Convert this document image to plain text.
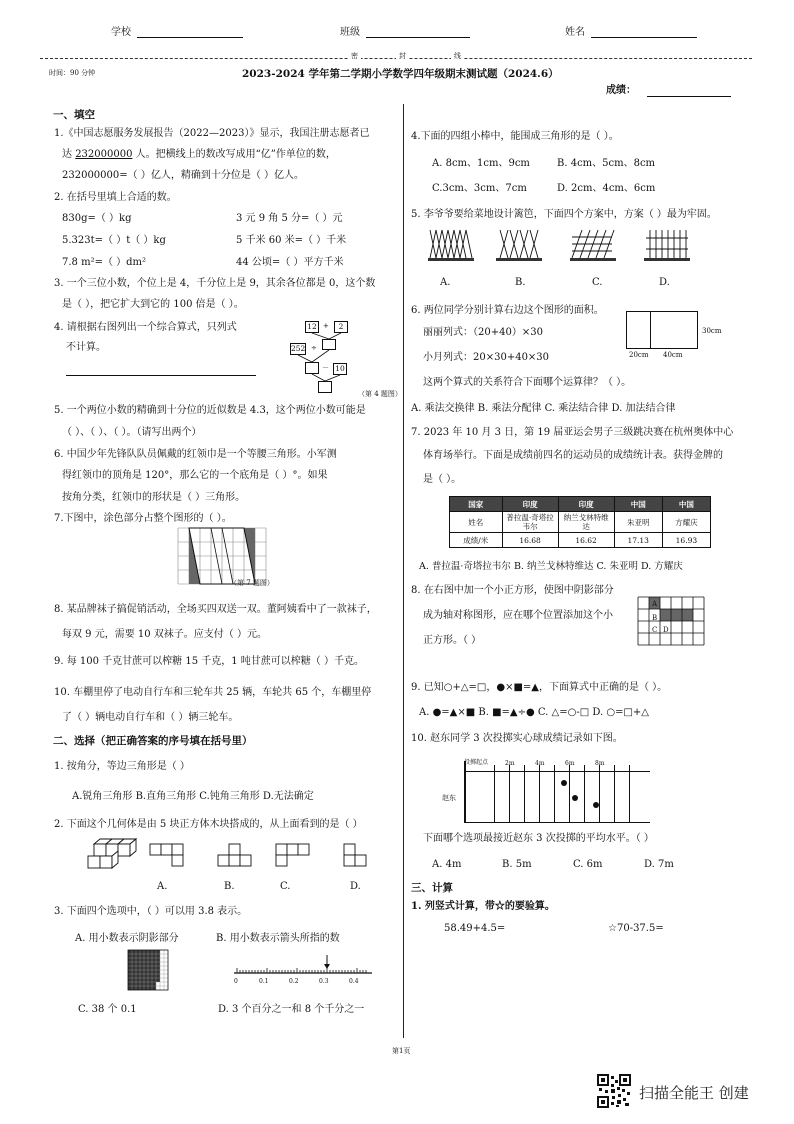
学校	班级	姓名
密	封	线
时间：90 分钟	2023-2024 学年第二学期小学数学四年级期末测试题（2024.6）
成绩：
一、填空
1.《中国志愿服务发展报告（2022—2023）》显示，我国注册志愿者已
达 232000000 人。把横线上的数改写成用“亿”作单位的数，
232000000=（ ）亿人，精确到十分位是（ ）亿人。
2. 在括号里填上合适的数。
830g=（ ）kg	3 元 9 角 5 分=（ ）元
5.323t=（ ）t（ ）kg	5 千米 60 米=（ ）千米
7.8 m²=（ ）dm²	44 公顷=（ ）平方千米
3. 一个三位小数，个位上是 4，千分位上是 9，其余各位都是 0，这个数
是（ ），把它扩大到它的 100 倍是（ ）。
4. 请根据右图列出一个综合算式，只列式
不计算。
12 +	2
252 ÷
－ 10
（第 4 题图）
5. 一个两位小数的精确到十分位的近似数是 4.3，这个两位小数可能是
（ ）、（ ）、（ ）。（请写出两个）
6. 中国少年先锋队队员佩戴的红领巾是一个等腰三角形。小军测
得红领巾的顶角是 120°，那么它的一个底角是（ ）°。如果
按角分类，红领巾的形状是（ ）三角形。
7.下图中，涂色部分占整个图形的（ ）。
（第 7 题图）
8. 某品牌袜子搞促销活动，全场买四双送一双。董阿姨看中了一款袜子，
每双 9 元，需要 10 双袜子。应支付（ ）元。
9. 每 100 千克甘蔗可以榨糖 15 千克，1 吨甘蔗可以榨糖（ ）千克。
10. 车棚里停了电动自行车和三轮车共 25 辆，车轮共 65 个，车棚里停
了（ ）辆电动自行车和（ ）辆三轮车。
二、选择（把正确答案的序号填在括号里）
1. 按角分，等边三角形是（ ）
A.锐角三角形 B.直角三角形 C.钝角三角形 D.无法确定
2. 下面这个几何体是由 5 块正方体木块搭成的，从上面看到的是（ ）
A.	B.	C.	D.
3. 下面四个选项中，（ ）可以用 3.8 表示。
A. 用小数表示阴影部分	B. 用小数表示箭头所指的数
0	0.1	0.2	0.3	0.4
C. 38 个 0.1	D. 3 个百分之一和 8 个千分之一
4.下面的四组小棒中，能围成三角形的是（ ）。
A. 8cm、1cm、9cm	B. 4cm、5cm、8cm
C.3cm、3cm、7cm	D. 2cm、4cm、6cm
5. 李爷爷要给菜地设计篱笆，下面四个方案中，方案（ ）最为牢固。
A.	B.	C.	D.
6. 两位同学分别计算右边这个图形的面积。
丽丽列式：（20+40）×30
小月列式：20×30+40×30
30cm
20cm 40cm
这两个算式的关系符合下面哪个运算律？（ ）。
A. 乘法交换律 B. 乘法分配律 C. 乘法结合律 D. 加法结合律
7. 2023 年 10 月 3 日，第 19 届亚运会男子三级跳决赛在杭州奥体中心
体育场举行。下面是成绩前四名的运动员的成绩统计表。获得金牌的
是（ ）。
国家	印度	印度	中国	中国
姓名	普拉温·奇塔拉韦尔	纳兰戈林特维达	朱亚明	方耀庆
成绩/米	16.68	16.62	17.13	16.93
A. 普拉温·奇塔拉韦尔 B. 纳兰戈林特维达 C. 朱亚明 D. 方耀庆
8. 在右图中加一个小正方形，使图中阴影部分
成为轴对称图形，应在哪个位置添加这个小
正方形。（ ）
A
B
C D
9. 已知○+△=□，●×■=▲，下面算式中正确的是（ ）。
A. ●=▲×■ B. ■=▲÷● C. △=○-□ D. ○=□+△
10. 赵东同学 3 次投掷实心球成绩记录如下图。
投掷起点	2m	4m	6m	8m
赵东
下面哪个选项最接近赵东 3 次投掷的平均水平。（ ）
A. 4m	B. 5m	C. 6m	D. 7m
三、计算
1. 列竖式计算，带☆的要验算。
58.49+4.5=	☆70-37.5=
第1页
扫描全能王 创建
